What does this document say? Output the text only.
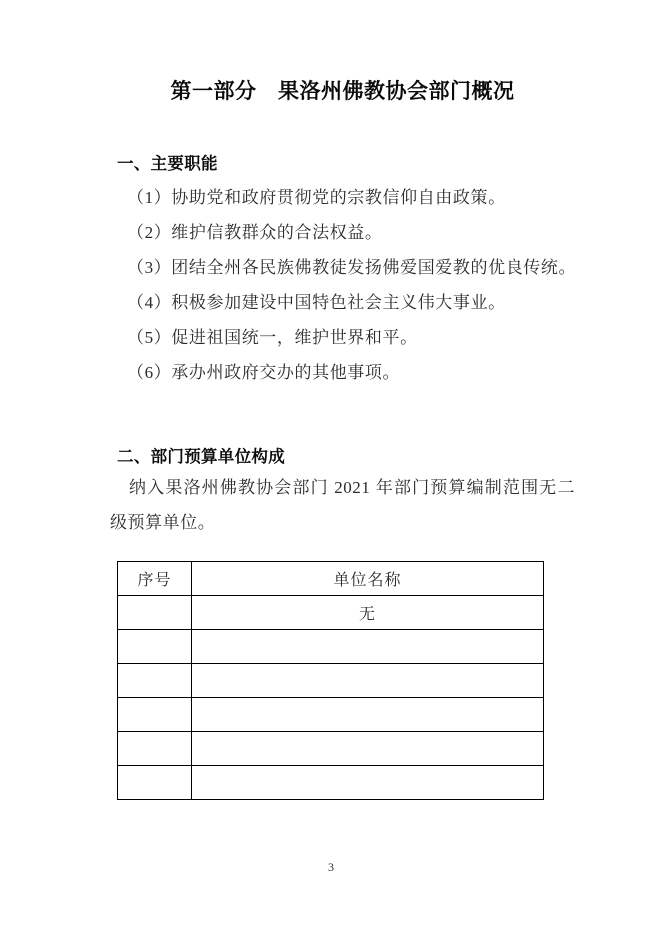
第一部分　果洛州佛教协会部门概况
一、主要职能
（1）协助党和政府贯彻党的宗教信仰自由政策。
（2）维护信教群众的合法权益。
（3）团结全州各民族佛教徒发扬佛爱国爱教的优良传统。
（4）积极参加建设中国特色社会主义伟大事业。
（5）促进祖国统一，维护世界和平。
（6）承办州政府交办的其他事项。
二、部门预算单位构成

纳入果洛州佛教协会部门 2021 年部门预算编制范围无二级预算单位。

序号	单位名称
	无

3
